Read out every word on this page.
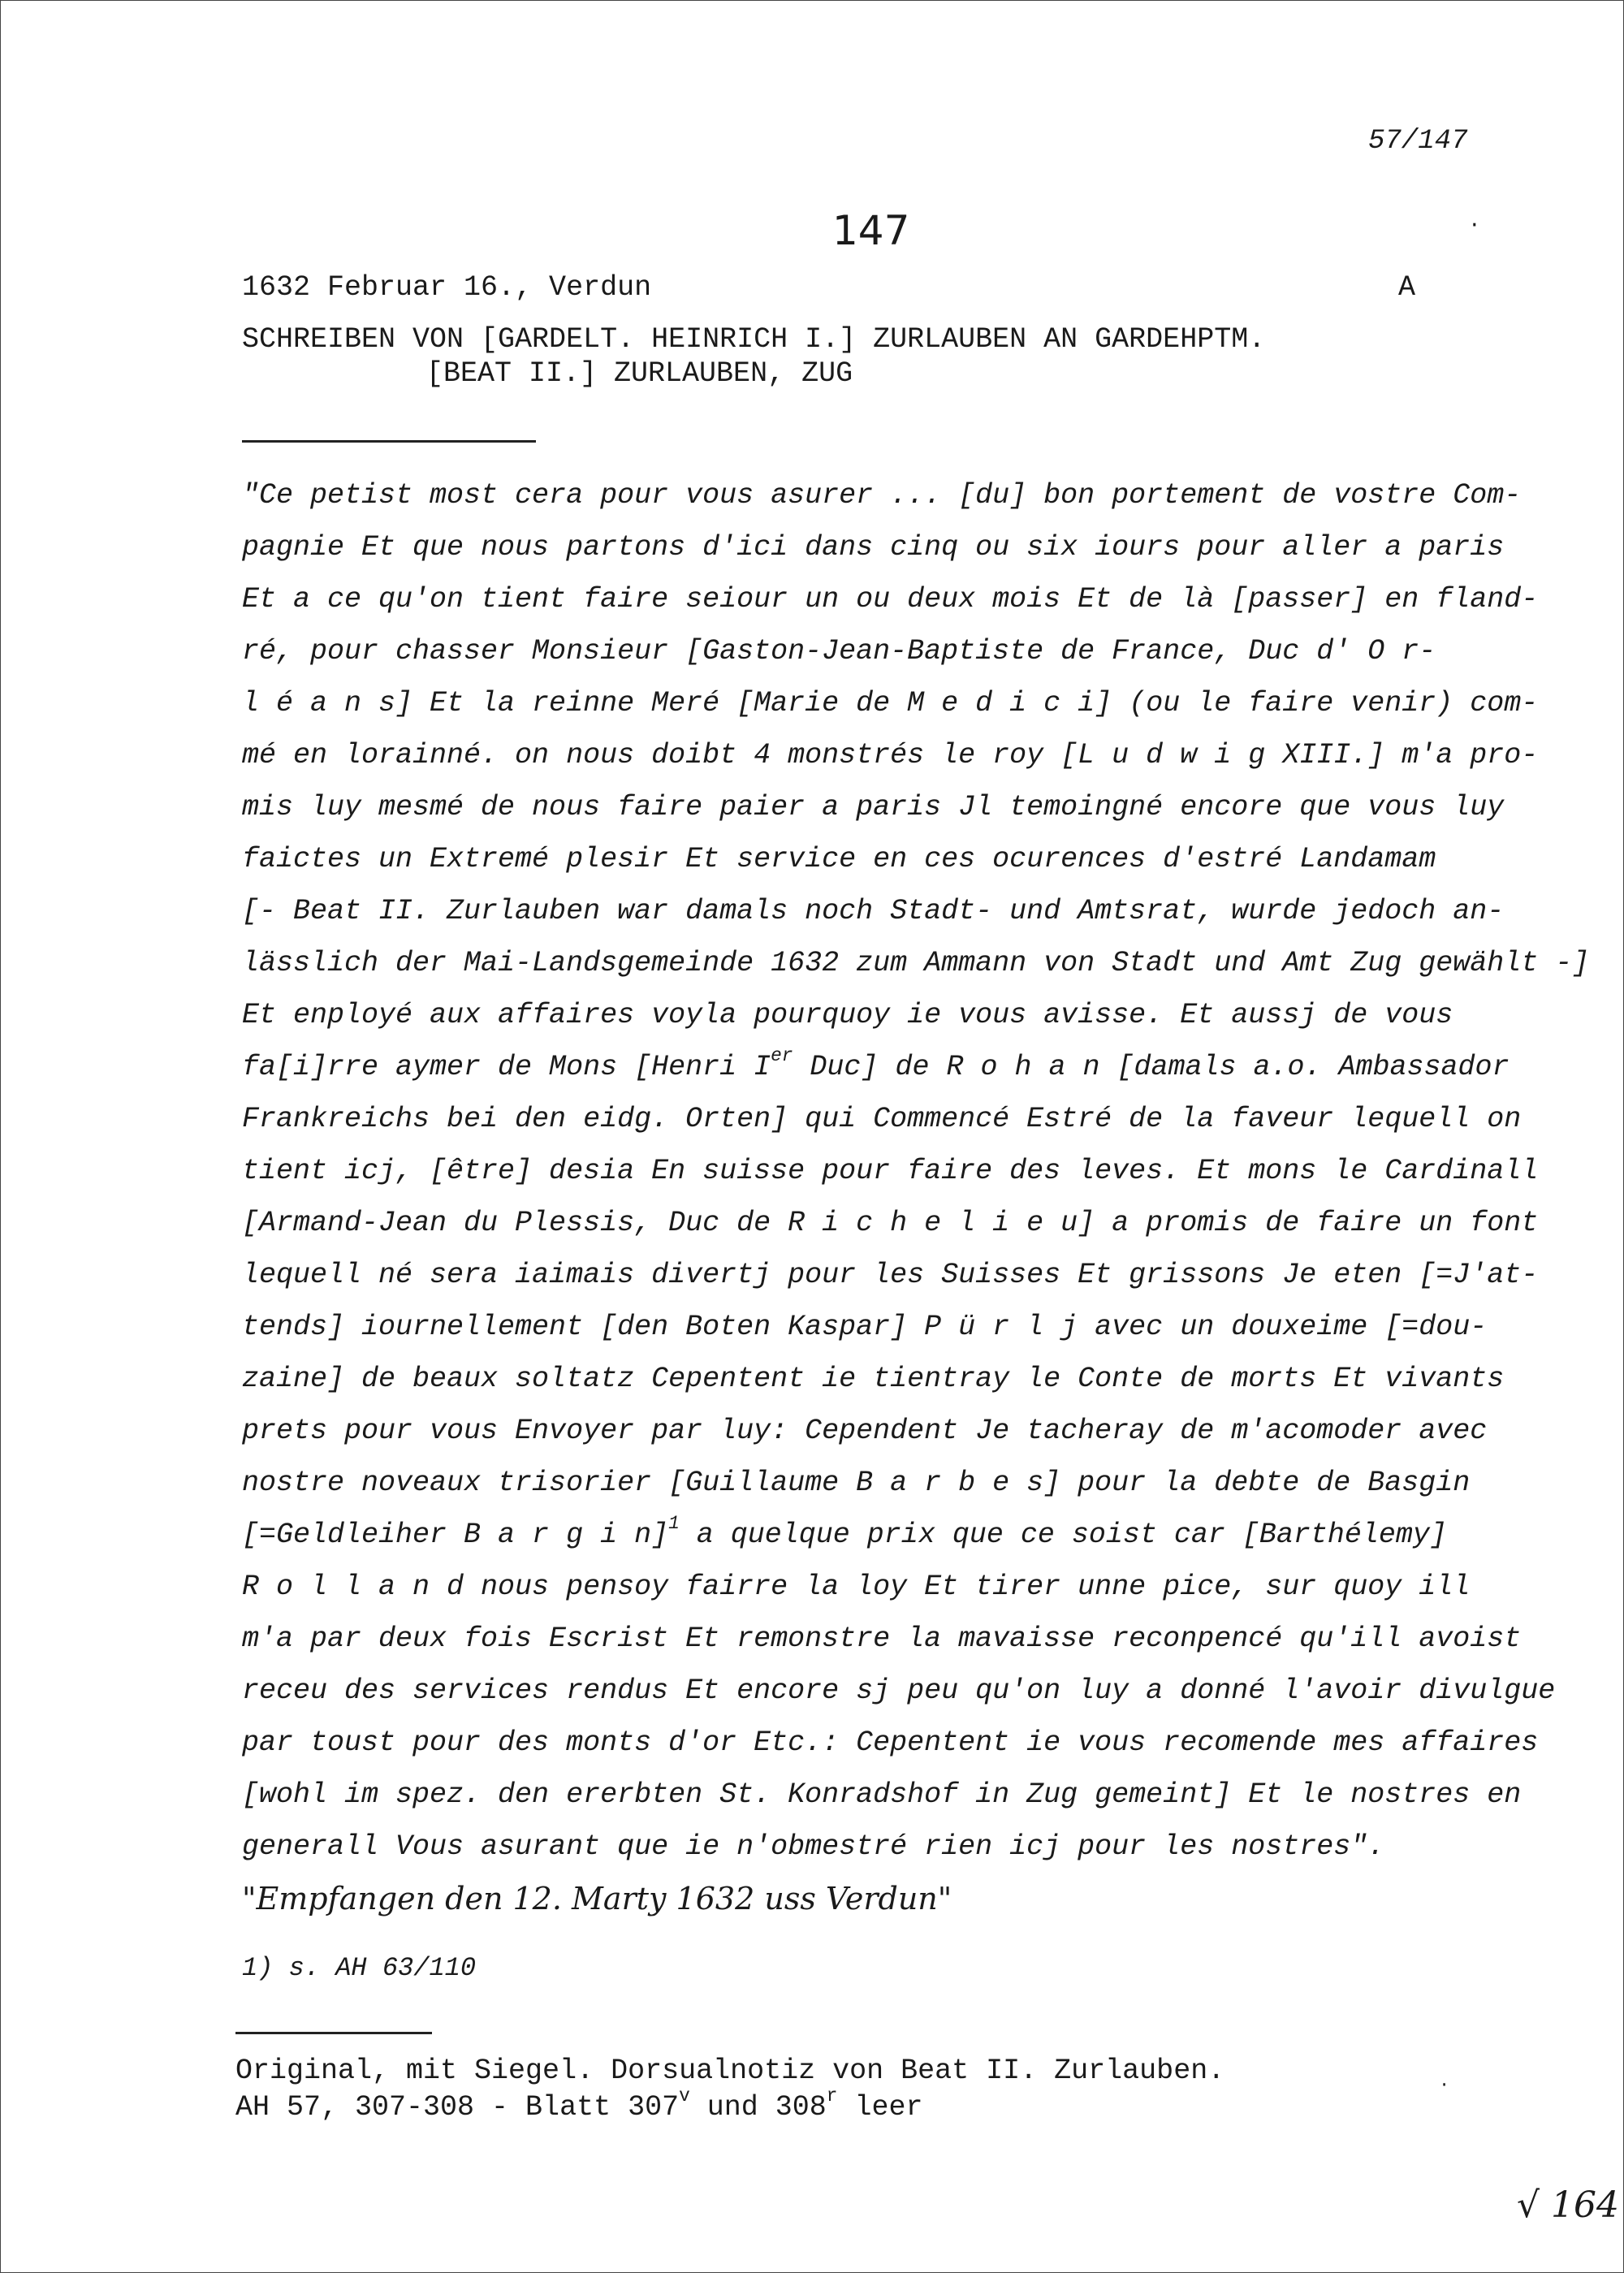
57/147
147	·
1632 Februar 16., Verdun	A
SCHREIBEN VON [GARDELT. HEINRICH I.] ZURLAUBEN AN GARDEHPTM.
[BEAT II.] ZURLAUBEN, ZUG
"Ce petist most cera pour vous asurer ... [du] bon portement de vostre Com-
pagnie Et que nous partons d'ici dans cinq ou six iours pour aller a paris
Et a ce qu'on tient faire seiour un ou deux mois Et de là [passer] en fland-
ré, pour chasser Monsieur [Gaston-Jean-Baptiste de France, Duc d' O r-
l é a n s] Et la reinne Meré [Marie de M e d i c i] (ou le faire venir) com-
mé en lorainné. on nous doibt 4 monstrés le roy [L u d w i g XIII.] m'a pro-
mis luy mesmé de nous faire paier a paris Jl temoingné encore que vous luy
faictes un Extremé plesir Et service en ces ocurences d'estré Landamam
[- Beat II. Zurlauben war damals noch Stadt- und Amtsrat, wurde jedoch an-
lässlich der Mai-Landsgemeinde 1632 zum Ammann von Stadt und Amt Zug gewählt -]
Et enployé aux affaires voyla pourquoy ie vous avisse. Et aussj de vous
fa[i]rre aymer de Mons [Henri Ier Duc] de R o h a n [damals a.o. Ambassador
Frankreichs bei den eidg. Orten] qui Commencé Estré de la faveur lequell on
tient icj, [être] desia En suisse pour faire des leves. Et mons le Cardinall
[Armand-Jean du Plessis, Duc de R i c h e l i e u] a promis de faire un font
lequell né sera iaimais divertj pour les Suisses Et grissons Je eten [=J'at-
tends] iournellement [den Boten Kaspar] P ü r l j avec un douxeime [=dou-
zaine] de beaux soltatz Cepentent ie tientray le Conte de morts Et vivants
prets pour vous Envoyer par luy: Cependent Je tacheray de m'acomoder avec
nostre noveaux trisorier [Guillaume B a r b e s] pour la debte de Basgin
[=Geldleiher B a r g i n]$^1$ a quelque prix que ce soist car [Barthélemy]
R o l l a n d nous pensoy fairre la loy Et tirer unne pice, sur quoy ill
m'a par deux fois Escrist Et remonstre la mavaisse reconpencé qu'ill avoist
receu des services rendus Et encore sj peu qu'on luy a donné l'avoir divulgue
par toust pour des monts d'or Etc.: Cepentent ie vous recomende mes affaires
[wohl im spez. den ererbten St. Konradshof in Zug gemeint] Et le nostres en
generall Vous asurant que ie n'obmestré rien icj pour les nostres".
"Empfangen den 12. Marty 1632 uss Verdun"
1) s. AH 63/110
Original, mit Siegel. Dorsualnotiz von Beat II. Zurlauben.
AH 57, 307-308 - Blatt 307$^v$ und 308$^r$ leer
·
√ 164
